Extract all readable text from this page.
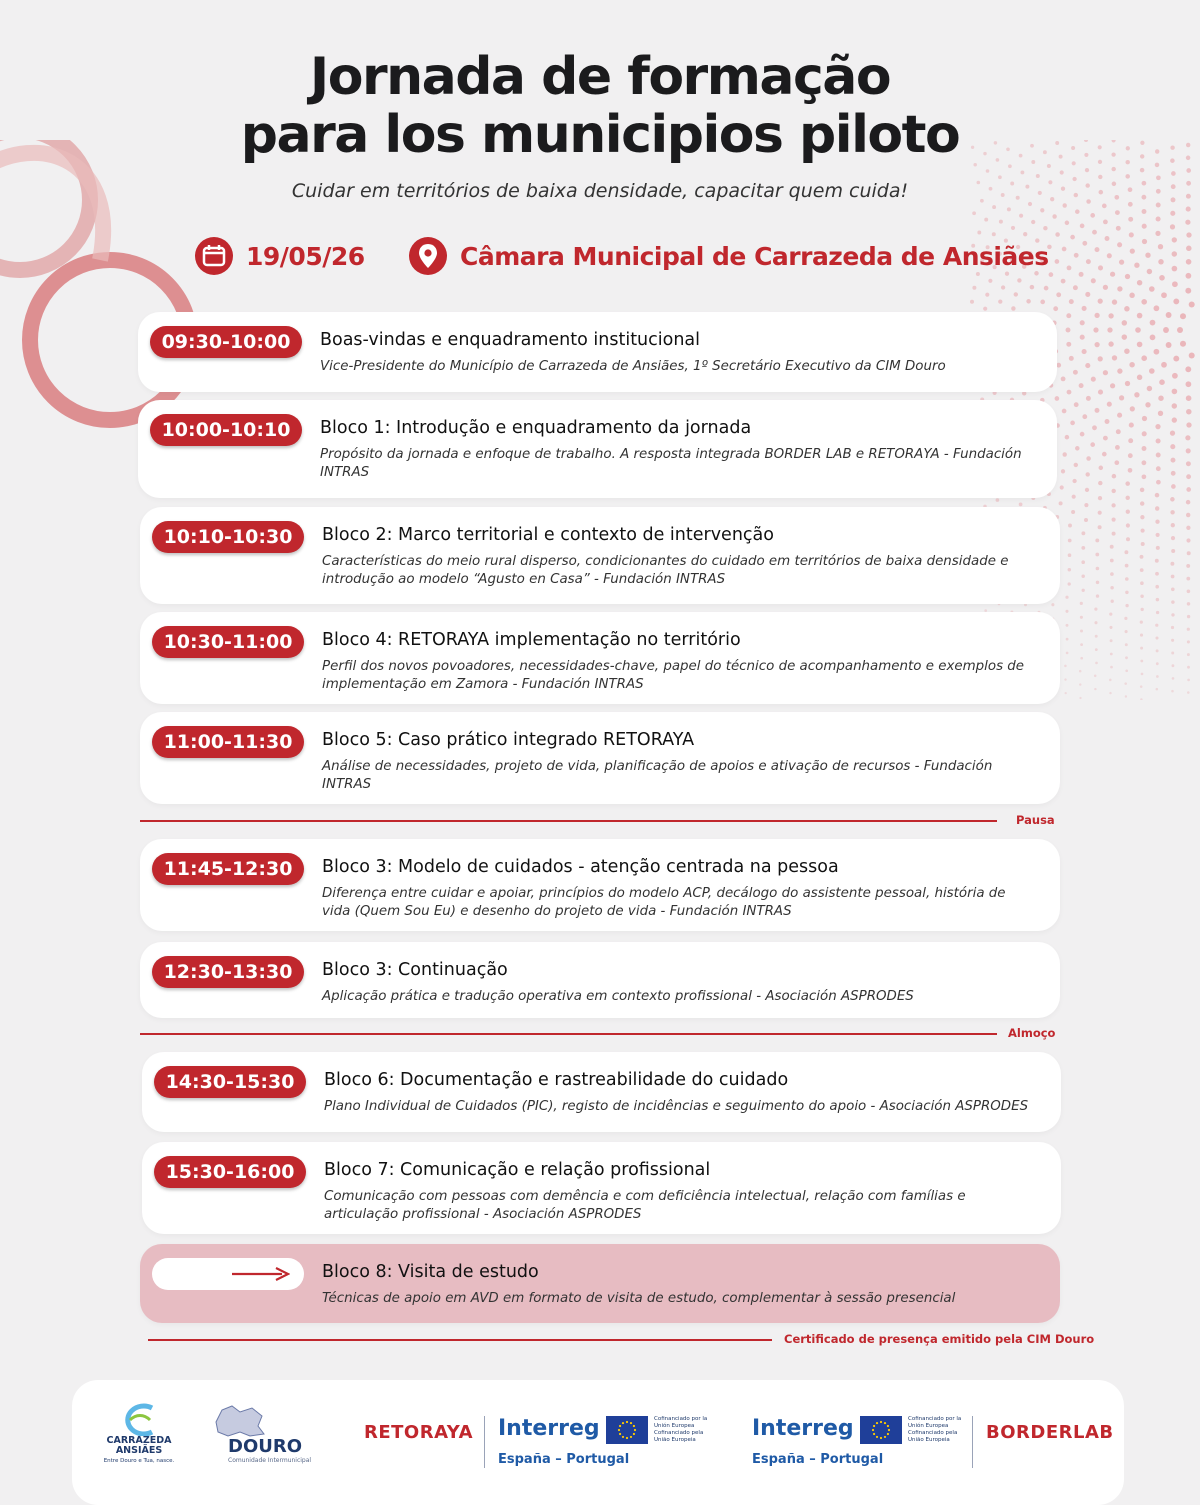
Jornada de formação
para los municipios piloto
Cuidar em territórios de baixa densidade, capacitar quem cuida!
19/05/26	Câmara Municipal de Carrazeda de Ansiães
09:30-10:00	Boas-vindas e enquadramento institucional
Vice-Presidente do Município de Carrazeda de Ansiães, 1º Secretário Executivo da CIM Douro
10:00-10:10	Bloco 1: Introdução e enquadramento da jornada
Propósito da jornada e enfoque de trabalho. A resposta integrada BORDER LAB e RETORAYA - Fundación INTRAS
10:10-10:30	Bloco 2: Marco territorial e contexto de intervenção
Características do meio rural disperso, condicionantes do cuidado em territórios de baixa densidade e introdução ao modelo “Agusto en Casa” - Fundación INTRAS
10:30-11:00	Bloco 4: RETORAYA implementação no território
Perfil dos novos povoadores, necessidades-chave, papel do técnico de acompanhamento e exemplos de implementação em Zamora - Fundación INTRAS
11:00-11:30	Bloco 5: Caso prático integrado RETORAYA
Análise de necessidades, projeto de vida, planificação de apoios e ativação de recursos - Fundación INTRAS
Pausa
11:45-12:30	Bloco 3: Modelo de cuidados - atenção centrada na pessoa
Diferença entre cuidar e apoiar, princípios do modelo ACP, decálogo do assistente pessoal, história de vida (Quem Sou Eu) e desenho do projeto de vida - Fundación INTRAS
12:30-13:30	Bloco 3: Continuação
Aplicação prática e tradução operativa em contexto profissional - Asociación ASPRODES
Almoço
14:30-15:30	Bloco 6: Documentação e rastreabilidade do cuidado
Plano Individual de Cuidados (PIC), registo de incidências e seguimento do apoio - Asociación ASPRODES
15:30-16:00	Bloco 7: Comunicação e relação profissional
Comunicação com pessoas com demência e com deficiência intelectual, relação com famílias e articulação profissional - Asociación ASPRODES
Bloco 8: Visita de estudo
Técnicas de apoio em AVD em formato de visita de estudo, complementar à sessão presencial
Certificado de presença emitido pela CIM Douro
CARRAZEDA
ANSIÃES
Entre Douro e Tua, nasce.
DOURO
Comunidade Intermunicipal
RETORAYA Interreg
España – Portugal
Cofinanciado por la Unión Europea Cofinanciado pela União Europeia	Interreg
España – Portugal
Cofinanciado por la Unión Europea Cofinanciado pela União Europeia	BORDERLAB
